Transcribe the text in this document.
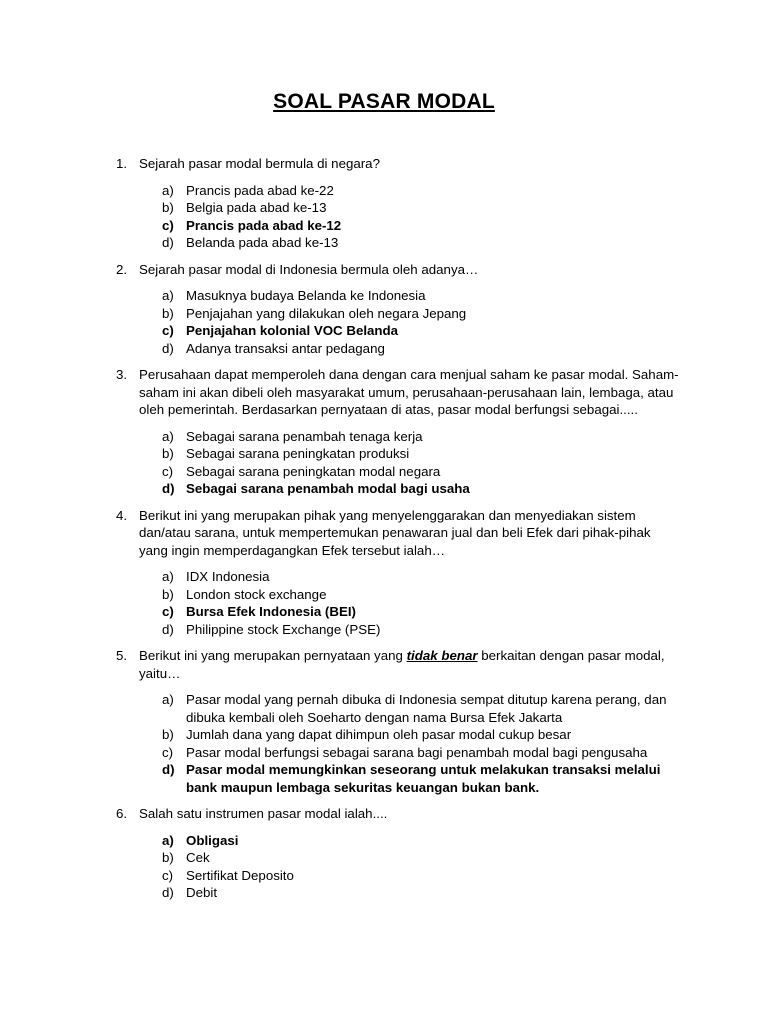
SOAL PASAR MODAL
1. Sejarah pasar modal bermula di negara?
a) Prancis pada abad ke-22
b) Belgia pada abad ke-13
c) Prancis pada abad ke-12
d) Belanda pada abad ke-13
2. Sejarah pasar modal di Indonesia bermula oleh adanya…
a) Masuknya budaya Belanda ke Indonesia
b) Penjajahan yang dilakukan oleh negara Jepang
c) Penjajahan kolonial VOC Belanda
d) Adanya transaksi antar pedagang
3. Perusahaan dapat memperoleh dana dengan cara menjual saham ke pasar modal. Saham-saham ini akan dibeli oleh masyarakat umum, perusahaan-perusahaan lain, lembaga, atau oleh pemerintah. Berdasarkan pernyataan di atas, pasar modal berfungsi sebagai.....
a) Sebagai sarana penambah tenaga kerja
b) Sebagai sarana peningkatan produksi
c) Sebagai sarana peningkatan modal negara
d) Sebagai sarana penambah modal bagi usaha
4. Berikut ini yang merupakan pihak yang menyelenggarakan dan menyediakan sistem dan/atau sarana, untuk mempertemukan penawaran jual dan beli Efek dari pihak-pihak yang ingin memperdagangkan Efek tersebut ialah…
a) IDX Indonesia
b) London stock exchange
c) Bursa Efek Indonesia (BEI)
d) Philippine stock Exchange (PSE)
5. Berikut ini yang merupakan pernyataan yang tidak benar berkaitan dengan pasar modal, yaitu…
a) Pasar modal yang pernah dibuka di Indonesia sempat ditutup karena perang, dan dibuka kembali oleh Soeharto dengan nama Bursa Efek Jakarta
b) Jumlah dana yang dapat dihimpun oleh pasar modal cukup besar
c) Pasar modal berfungsi sebagai sarana bagi penambah modal bagi pengusaha
d) Pasar modal memungkinkan seseorang untuk melakukan transaksi melalui bank maupun lembaga sekuritas keuangan bukan bank.
6. Salah satu instrumen pasar modal ialah....
a) Obligasi
b) Cek
c) Sertifikat Deposito
d) Debit
